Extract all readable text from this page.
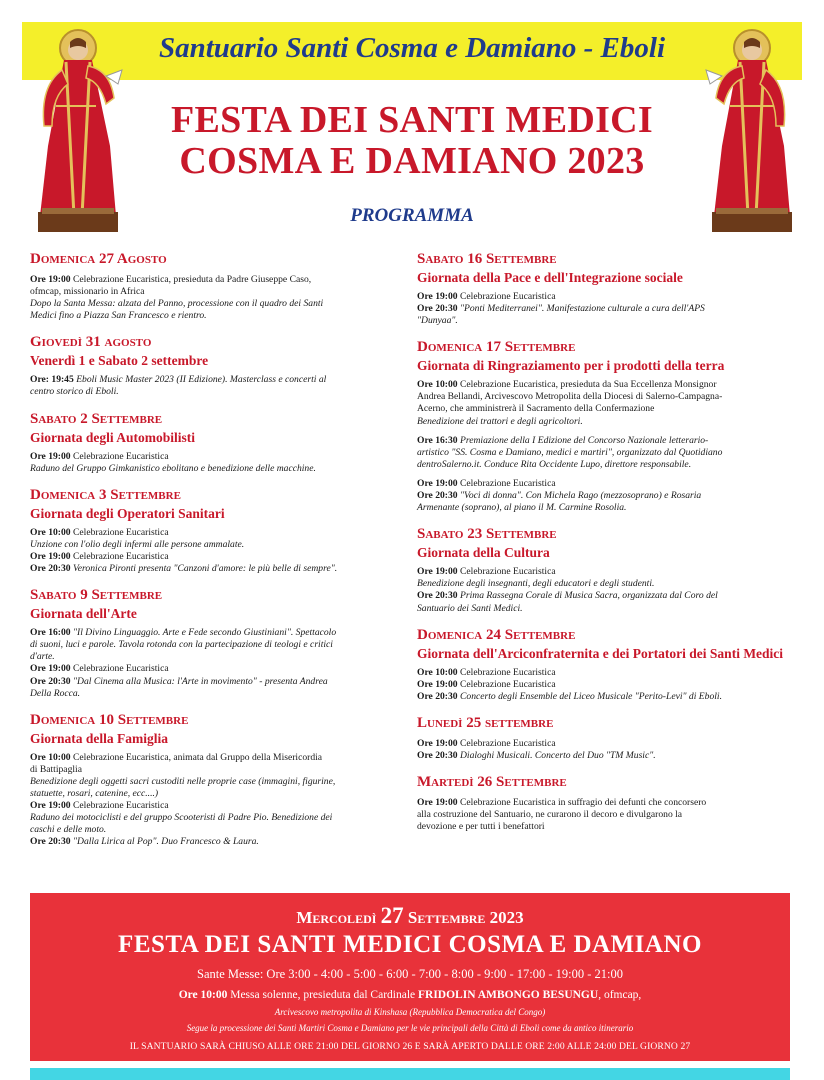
Santuario Santi Cosma e Damiano - Eboli
FESTA DEI SANTI MEDICI
COSMA E DAMIANO 2023
PROGRAMMA
Domenica 27 Agosto
Ore 19:00 Celebrazione Eucaristica, presieduta da Padre Giuseppe Caso,
ofmcap, missionario in Africa
Dopo la Santa Messa: alzata del Panno, processione con il quadro dei Santi
Medici fino a Piazza San Francesco e rientro.
Giovedì 31 agosto
Venerdì 1 e Sabato 2 settembre
Ore: 19:45 Eboli Music Master 2023 (II Edizione). Masterclass e concerti al
centro storico di Eboli.
Sabato 2 Settembre
Giornata degli Automobilisti
Ore 19:00 Celebrazione Eucaristica
Raduno del Gruppo Gimkanistico ebolitano e benedizione delle macchine.
Domenica 3 Settembre
Giornata degli Operatori Sanitari
Ore 10:00 Celebrazione Eucaristica
Unzione con l'olio degli infermi alle persone ammalate.
Ore 19:00 Celebrazione Eucaristica
Ore 20:30 Veronica Pironti presenta "Canzoni d'amore: le più belle di sempre".
Sabato 9 Settembre
Giornata dell'Arte
Ore 16:00 "Il Divino Linguaggio. Arte e Fede secondo Giustiniani". Spettacolo
di suoni, luci e parole. Tavola rotonda con la partecipazione di teologi e critici
d'arte.
Ore 19:00 Celebrazione Eucaristica
Ore 20:30 "Dal Cinema alla Musica: l'Arte in movimento" - presenta Andrea
Della Rocca.
Domenica 10 Settembre
Giornata della Famiglia
Ore 10:00 Celebrazione Eucaristica, animata dal Gruppo della Misericordia
di Battipaglia
Benedizione degli oggetti sacri custoditi nelle proprie case (immagini, figurine,
statuette, rosari, catenine, ecc....)
Ore 19:00 Celebrazione Eucaristica
Raduno dei motociclisti e del gruppo Scooteristi di Padre Pio. Benedizione dei
caschi e delle moto.
Ore 20:30 "Dalla Lirica al Pop". Duo Francesco & Laura.
Sabato 16 Settembre
Giornata della Pace e dell'Integrazione sociale
Ore 19:00 Celebrazione Eucaristica
Ore 20:30 "Ponti Mediterranei". Manifestazione culturale a cura dell'APS
"Dunyaa".
Domenica 17 Settembre
Giornata di Ringraziamento per i prodotti della terra
Ore 10:00 Celebrazione Eucaristica, presieduta da Sua Eccellenza Monsignor
Andrea Bellandi, Arcivescovo Metropolita della Diocesi di Salerno-Campagna-
Acerno, che amministrerà il Sacramento della Confermazione
Benedizione dei trattori e degli agricoltori.
Ore 16:30 Premiazione della I Edizione del Concorso Nazionale letterario-
artistico "SS. Cosma e Damiano, medici e martiri", organizzato dal Quotidiano
dentroSalerno.it. Conduce Rita Occidente Lupo, direttore responsabile.
Ore 19:00 Celebrazione Eucaristica
Ore 20:30 "Voci di donna". Con Michela Rago (mezzosoprano) e Rosaria
Armenante (soprano), al piano il M. Carmine Rosolia.
Sabato 23 Settembre
Giornata della Cultura
Ore 19:00 Celebrazione Eucaristica
Benedizione degli insegnanti, degli educatori e degli studenti.
Ore 20:30 Prima Rassegna Corale di Musica Sacra, organizzata dal Coro del
Santuario dei Santi Medici.
Domenica 24 Settembre
Giornata dell'Arciconfraternita e dei Portatori dei Santi Medici
Ore 10:00 Celebrazione Eucaristica
Ore 19:00 Celebrazione Eucaristica
Ore 20:30 Concerto degli Ensemble del Liceo Musicale "Perito-Levi" di Eboli.
Lunedì 25 settembre
Ore 19:00 Celebrazione Eucaristica
Ore 20:30 Dialoghi Musicali. Concerto del Duo "TM Music".
Martedì 26 Settembre
Ore 19:00 Celebrazione Eucaristica in suffragio dei defunti che concorsero
alla costruzione del Santuario, ne curarono il decoro e divulgarono la
devozione e per tutti i benefattori
Mercoledì 27 Settembre 2023
FESTA DEI SANTI MEDICI COSMA E DAMIANO
Sante Messe: Ore 3:00 - 4:00 - 5:00 - 6:00 - 7:00 - 8:00 - 9:00 - 17:00 - 19:00 - 21:00
Ore 10:00 Messa solenne, presieduta dal Cardinale FRIDOLIN AMBONGO BESUNGU, ofmcap,
Arcivescovo metropolita di Kinshasa (Repubblica Democratica del Congo)
Segue la processione dei Santi Martiri Cosma e Damiano per le vie principali della Città di Eboli come da antico itinerario
IL SANTUARIO SARÀ CHIUSO ALLE ORE 21:00 DEL GIORNO 26 E SARÀ APERTO DALLE ORE 2:00 ALLE 24:00 DEL GIORNO 27
